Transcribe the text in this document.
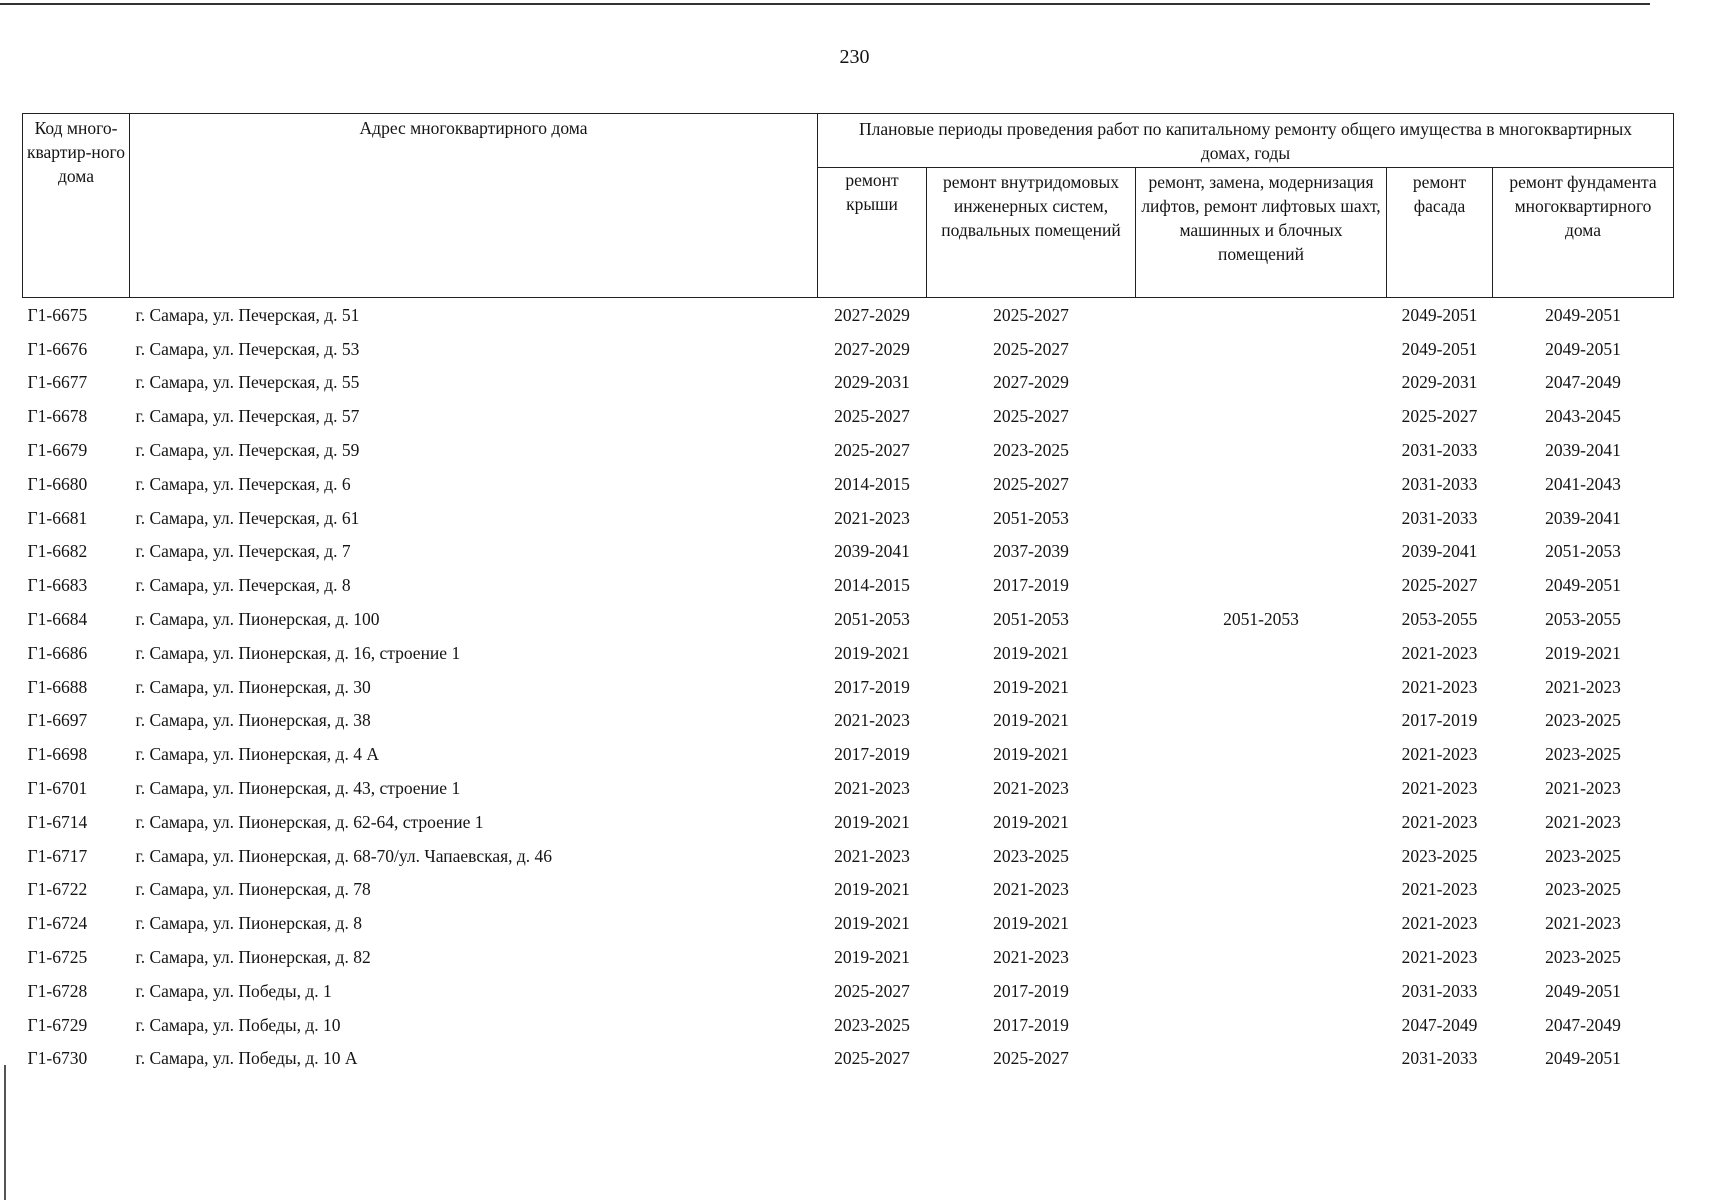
230
Код много-квартир-ного дома	Адрес многоквартирного дома	Плановые периоды проведения работ по капитальному ремонту общего имущества в многоквартирных домах, годы				
		ремонт крыши	ремонт внутридомовых инженерных систем, подвальных помещений	ремонт, замена, модернизация лифтов, ремонт лифтовых шахт, машинных и блочных помещений	ремонт фасада	ремонт фундамента многоквартирного дома
Г1-6675	г. Самара, ул. Печерская, д. 51	2027-2029	2025-2027		2049-2051	2049-2051
Г1-6676	г. Самара, ул. Печерская, д. 53	2027-2029	2025-2027		2049-2051	2049-2051
Г1-6677	г. Самара, ул. Печерская, д. 55	2029-2031	2027-2029		2029-2031	2047-2049
Г1-6678	г. Самара, ул. Печерская, д. 57	2025-2027	2025-2027		2025-2027	2043-2045
Г1-6679	г. Самара, ул. Печерская, д. 59	2025-2027	2023-2025		2031-2033	2039-2041
Г1-6680	г. Самара, ул. Печерская, д. 6	2014-2015	2025-2027		2031-2033	2041-2043
Г1-6681	г. Самара, ул. Печерская, д. 61	2021-2023	2051-2053		2031-2033	2039-2041
Г1-6682	г. Самара, ул. Печерская, д. 7	2039-2041	2037-2039		2039-2041	2051-2053
Г1-6683	г. Самара, ул. Печерская, д. 8	2014-2015	2017-2019		2025-2027	2049-2051
Г1-6684	г. Самара, ул. Пионерская, д. 100	2051-2053	2051-2053	2051-2053	2053-2055	2053-2055
Г1-6686	г. Самара, ул. Пионерская, д. 16, строение 1	2019-2021	2019-2021		2021-2023	2019-2021
Г1-6688	г. Самара, ул. Пионерская, д. 30	2017-2019	2019-2021		2021-2023	2021-2023
Г1-6697	г. Самара, ул. Пионерская, д. 38	2021-2023	2019-2021		2017-2019	2023-2025
Г1-6698	г. Самара, ул. Пионерская, д. 4 А	2017-2019	2019-2021		2021-2023	2023-2025
Г1-6701	г. Самара, ул. Пионерская, д. 43, строение 1	2021-2023	2021-2023		2021-2023	2021-2023
Г1-6714	г. Самара, ул. Пионерская, д. 62-64, строение 1	2019-2021	2019-2021		2021-2023	2021-2023
Г1-6717	г. Самара, ул. Пионерская, д. 68-70/ул. Чапаевская, д. 46	2021-2023	2023-2025		2023-2025	2023-2025
Г1-6722	г. Самара, ул. Пионерская, д. 78	2019-2021	2021-2023		2021-2023	2023-2025
Г1-6724	г. Самара, ул. Пионерская, д. 8	2019-2021	2019-2021		2021-2023	2021-2023
Г1-6725	г. Самара, ул. Пионерская, д. 82	2019-2021	2021-2023		2021-2023	2023-2025
Г1-6728	г. Самара, ул. Победы, д. 1	2025-2027	2017-2019		2031-2033	2049-2051
Г1-6729	г. Самара, ул. Победы, д. 10	2023-2025	2017-2019		2047-2049	2047-2049
Г1-6730	г. Самара, ул. Победы, д. 10 А	2025-2027	2025-2027		2031-2033	2049-2051
